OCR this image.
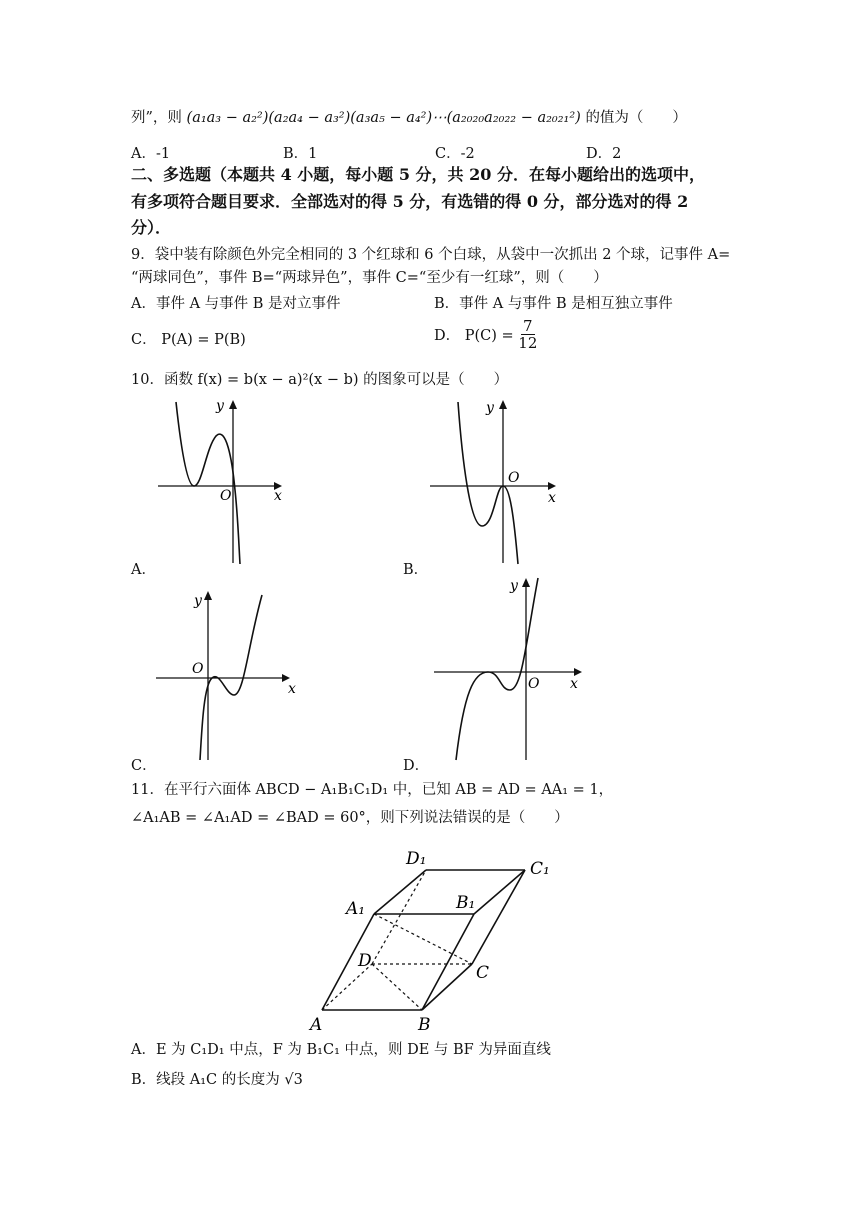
列”，则 (a₁a₃ − a₂²)(a₂a₄ − a₃²)(a₃a₅ − a₄²)⋯(a₂₀₂₀a₂₀₂₂ − a₂₀₂₁²) 的值为（　　）
A．-1	B．1	C．-2	D．2
二、多选题（本题共 4 小题，每小题 5 分，共 20 分．在每小题给出的选项中，
有多项符合题目要求．全部选对的得 5 分，有选错的得 0 分，部分选对的得 2
分）．
9．袋中装有除颜色外完全相同的 3 个红球和 6 个白球，从袋中一次抓出 2 个球，记事件 A=
“两球同色”，事件 B=“两球异色”，事件 C=“至少有一红球”，则（　　）
A．事件 A 与事件 B 是对立事件	B．事件 A 与事件 B 是相互独立事件
C． P(A) = P(B)	D． $P(C) = \frac{7}{12}$
10．函数 f(x) = b(x − a)²(x − b) 的图象可以是（　　）
y
x
O
A．
y
x
O
B．
y
x
O
C．
y
x
O
D．
11．在平行六面体 ABCD − A₁B₁C₁D₁ 中，已知 AB = AD = AA₁ = 1，
∠A₁AB = ∠A₁AD = ∠BAD = 60°，则下列说法错误的是（　　）
A	B
C
D
A₁	B₁
C₁
D₁
A．E 为 C₁D₁ 中点，F 为 B₁C₁ 中点，则 DE 与 BF 为异面直线
B．线段 A₁C 的长度为 √3
